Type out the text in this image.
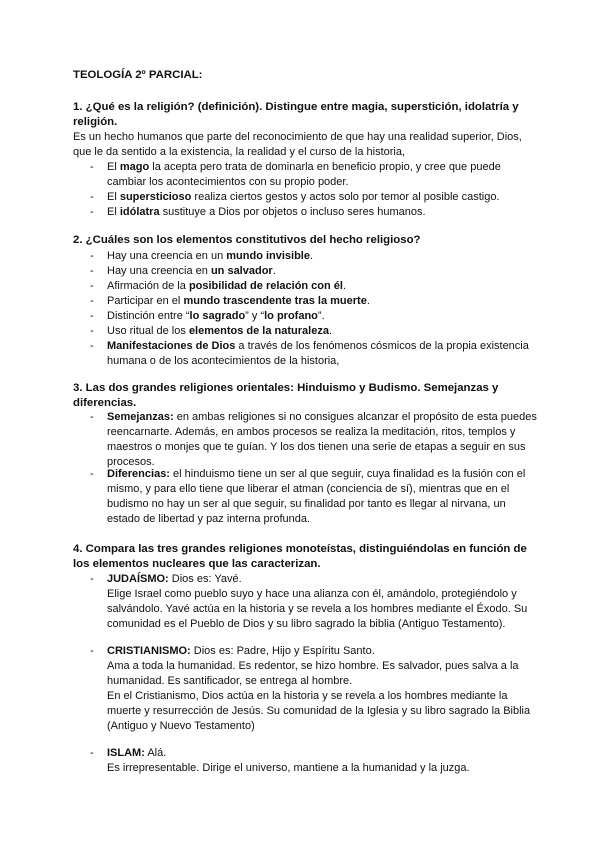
TEOLOGÍA 2º PARCIAL:
1. ¿Qué es la religión? (definición). Distingue entre magia, superstición, idolatría y religión.
Es un hecho humanos que parte del reconocimiento de que hay una realidad superior, Dios, que le da sentido a la existencia, la realidad y el curso de la historia,
- El mago la acepta pero trata de dominarla en beneficio propio, y cree que puede cambiar los acontecimientos con su propio poder.
- El supersticioso realiza ciertos gestos y actos solo por temor al posible castigo.
- El idólatra sustituye a Dios por objetos o incluso seres humanos.
2. ¿Cuáles son los elementos constitutivos del hecho religioso?
- Hay una creencia en un mundo invisible.
- Hay una creencia en un salvador.
- Afirmación de la posibilidad de relación con él.
- Participar en el mundo trascendente tras la muerte.
- Distinción entre “lo sagrado” y “lo profano”.
- Uso ritual de los elementos de la naturaleza.
- Manifestaciones de Dios a través de los fenómenos cósmicos de la propia existencia humana o de los acontecimientos de la historia,
3. Las dos grandes religiones orientales: Hinduismo y Budismo. Semejanzas y diferencias.
- Semejanzas: en ambas religiones si no consigues alcanzar el propósito de esta puedes reencarnarte. Además, en ambos procesos se realiza la meditación, ritos, templos y maestros o monjes que te guían. Y los dos tienen una serie de etapas a seguir en sus procesos.
- Diferencias: el hinduismo tiene un ser al que seguir, cuya finalidad es la fusión con el mismo, y para ello tiene que liberar el atman (conciencia de sí), mientras que en el budismo no hay un ser al que seguir, su finalidad por tanto es llegar al nirvana, un estado de libertad y paz interna profunda.
4. Compara las tres grandes religiones monoteístas, distinguiéndolas en función de los elementos nucleares que las caracterizan.
- JUDAÍSMO: Dios es: Yavé.
Elige Israel como pueblo suyo y hace una alianza con él, amándolo, protegiéndolo y salvándolo. Yavé actúa en la historia y se revela a los hombres mediante el Éxodo. Su comunidad es el Pueblo de Dios y su libro sagrado la biblia (Antiguo Testamento).
- CRISTIANISMO: Dios es: Padre, Hijo y Espíritu Santo.
Ama a toda la humanidad. Es redentor, se hizo hombre. Es salvador, pues salva a la humanidad. Es santificador, se entrega al hombre.
En el Cristianismo, Dios actúa en la historia y se revela a los hombres mediante la muerte y resurrección de Jesús. Su comunidad de la Iglesia y su libro sagrado la Biblia (Antiguo y Nuevo Testamento)
- ISLAM: Alá.
Es irrepresentable. Dirige el universo, mantiene a la humanidad y la juzga.
